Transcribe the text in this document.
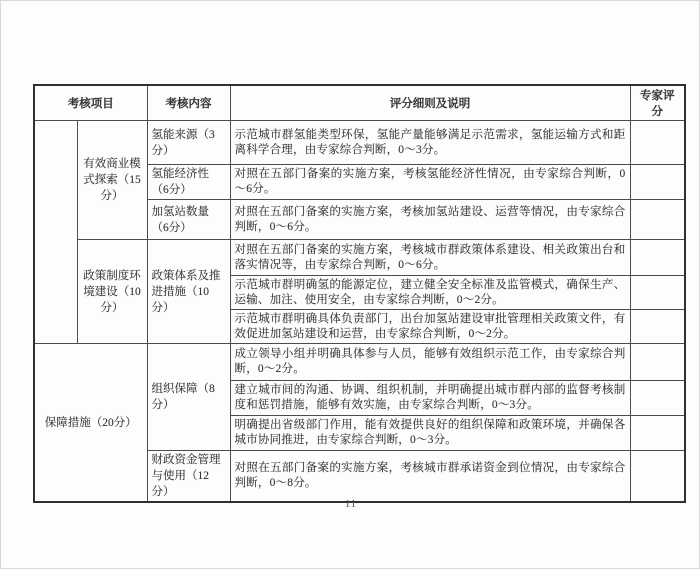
考核项目		考核内容	评分细则及说明	专家评分
	有效商业模式探索（15分）	氢能来源（3分）	示范城市群氢能类型环保，氢能产量能够满足示范需求，氢能运输方式和距离科学合理，由专家综合判断，0～3分。	
		氢能经济性（6分）	对照在五部门备案的实施方案，考核氢能经济性情况，由专家综合判断，0～6分。	
		加氢站数量（6分）	对照在五部门备案的实施方案，考核加氢站建设、运营等情况，由专家综合判断，0～6分。	
	政策制度环境建设（10分）	政策体系及推进措施（10分）	对照在五部门备案的实施方案，考核城市群政策体系建设、相关政策出台和落实情况等，由专家综合判断，0～6分。	
			示范城市群明确氢的能源定位，建立健全安全标准及监管模式，确保生产、运输、加注、使用安全，由专家综合判断，0～2分。	
			示范城市群明确具体负责部门，出台加氢站建设审批管理相关政策文件，有效促进加氢站建设和运营，由专家综合判断，0～2分。	
保障措施（20分）		组织保障（8分）	成立领导小组并明确具体参与人员，能够有效组织示范工作，由专家综合判断，0～2分。	
			建立城市间的沟通、协调、组织机制，并明确提出城市群内部的监督考核制度和惩罚措施，能够有效实施，由专家综合判断，0～3分。	
			明确提出省级部门作用，能有效提供良好的组织保障和政策环境，并确保各城市协同推进，由专家综合判断，0～3分。	
		财政资金管理与使用（12分）	对照在五部门备案的实施方案，考核城市群承诺资金到位情况，由专家综合判断，0～8分。	
11
